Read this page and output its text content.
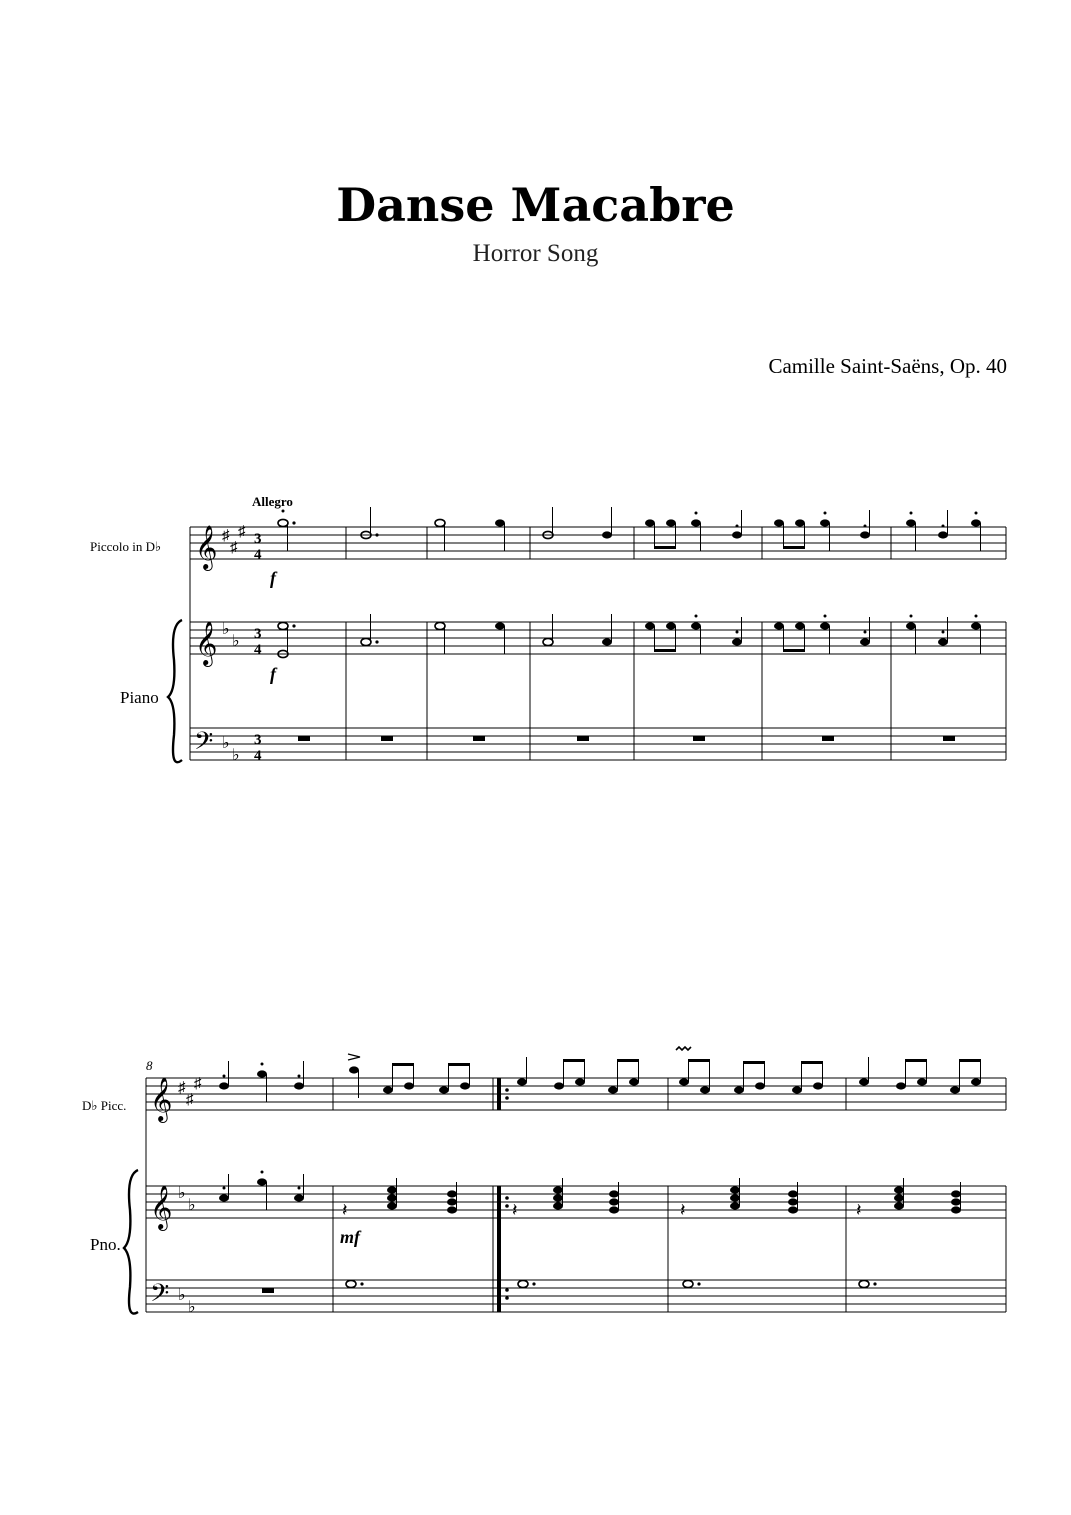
Danse Macabre
Horror Song
Camille Saint-Saëns, Op. 40
Allegro
Piccolo in D♭
Piano
𝄞 ♯
♯
♯ 3
4
f
𝄞 ♭
♭ 3
4
f
𝄢 ♭
♭
3
4
8
D♭ Picc.
Pno.
𝄞 ♯
♯
♯
𝄞 ♭
♭
mf
𝄽	𝄽	𝄽	𝄽
𝄢 ♭
♭
